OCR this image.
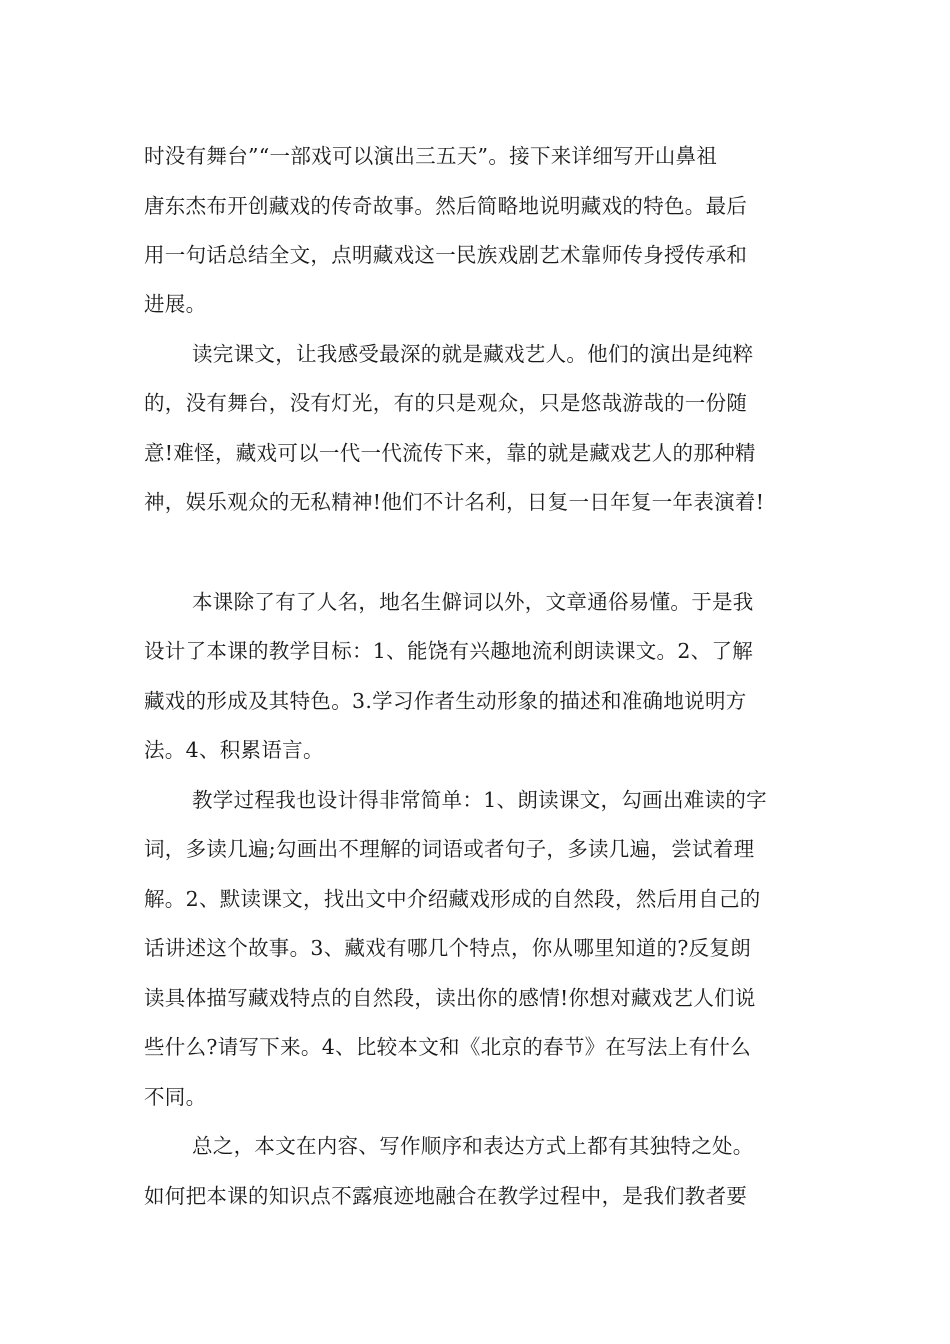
时没有舞台”“一部戏可以演出三五天”。接下来详细写开山鼻祖
唐东杰布开创藏戏的传奇故事。然后简略地说明藏戏的特色。最后
用一句话总结全文，点明藏戏这一民族戏剧艺术靠师传身授传承和
进展。
读完课文，让我感受最深的就是藏戏艺人。他们的演出是纯粹
的，没有舞台，没有灯光，有的只是观众，只是悠哉游哉的一份随
意!难怪，藏戏可以一代一代流传下来，靠的就是藏戏艺人的那种精
神，娱乐观众的无私精神!他们不计名利，日复一日年复一年表演着!
本课除了有了人名，地名生僻词以外，文章通俗易懂。于是我
设计了本课的教学目标：1、能饶有兴趣地流利朗读课文。2、了解
藏戏的形成及其特色。3.学习作者生动形象的描述和准确地说明方
法。4、积累语言。
教学过程我也设计得非常简单：1、朗读课文，勾画出难读的字
词，多读几遍;勾画出不理解的词语或者句子，多读几遍，尝试着理
解。2、默读课文，找出文中介绍藏戏形成的自然段，然后用自己的
话讲述这个故事。3、藏戏有哪几个特点，你从哪里知道的?反复朗
读具体描写藏戏特点的自然段，读出你的感情!你想对藏戏艺人们说
些什么?请写下来。4、比较本文和《北京的春节》在写法上有什么
不同。
总之，本文在内容、写作顺序和表达方式上都有其独特之处。
如何把本课的知识点不露痕迹地融合在教学过程中，是我们教者要
